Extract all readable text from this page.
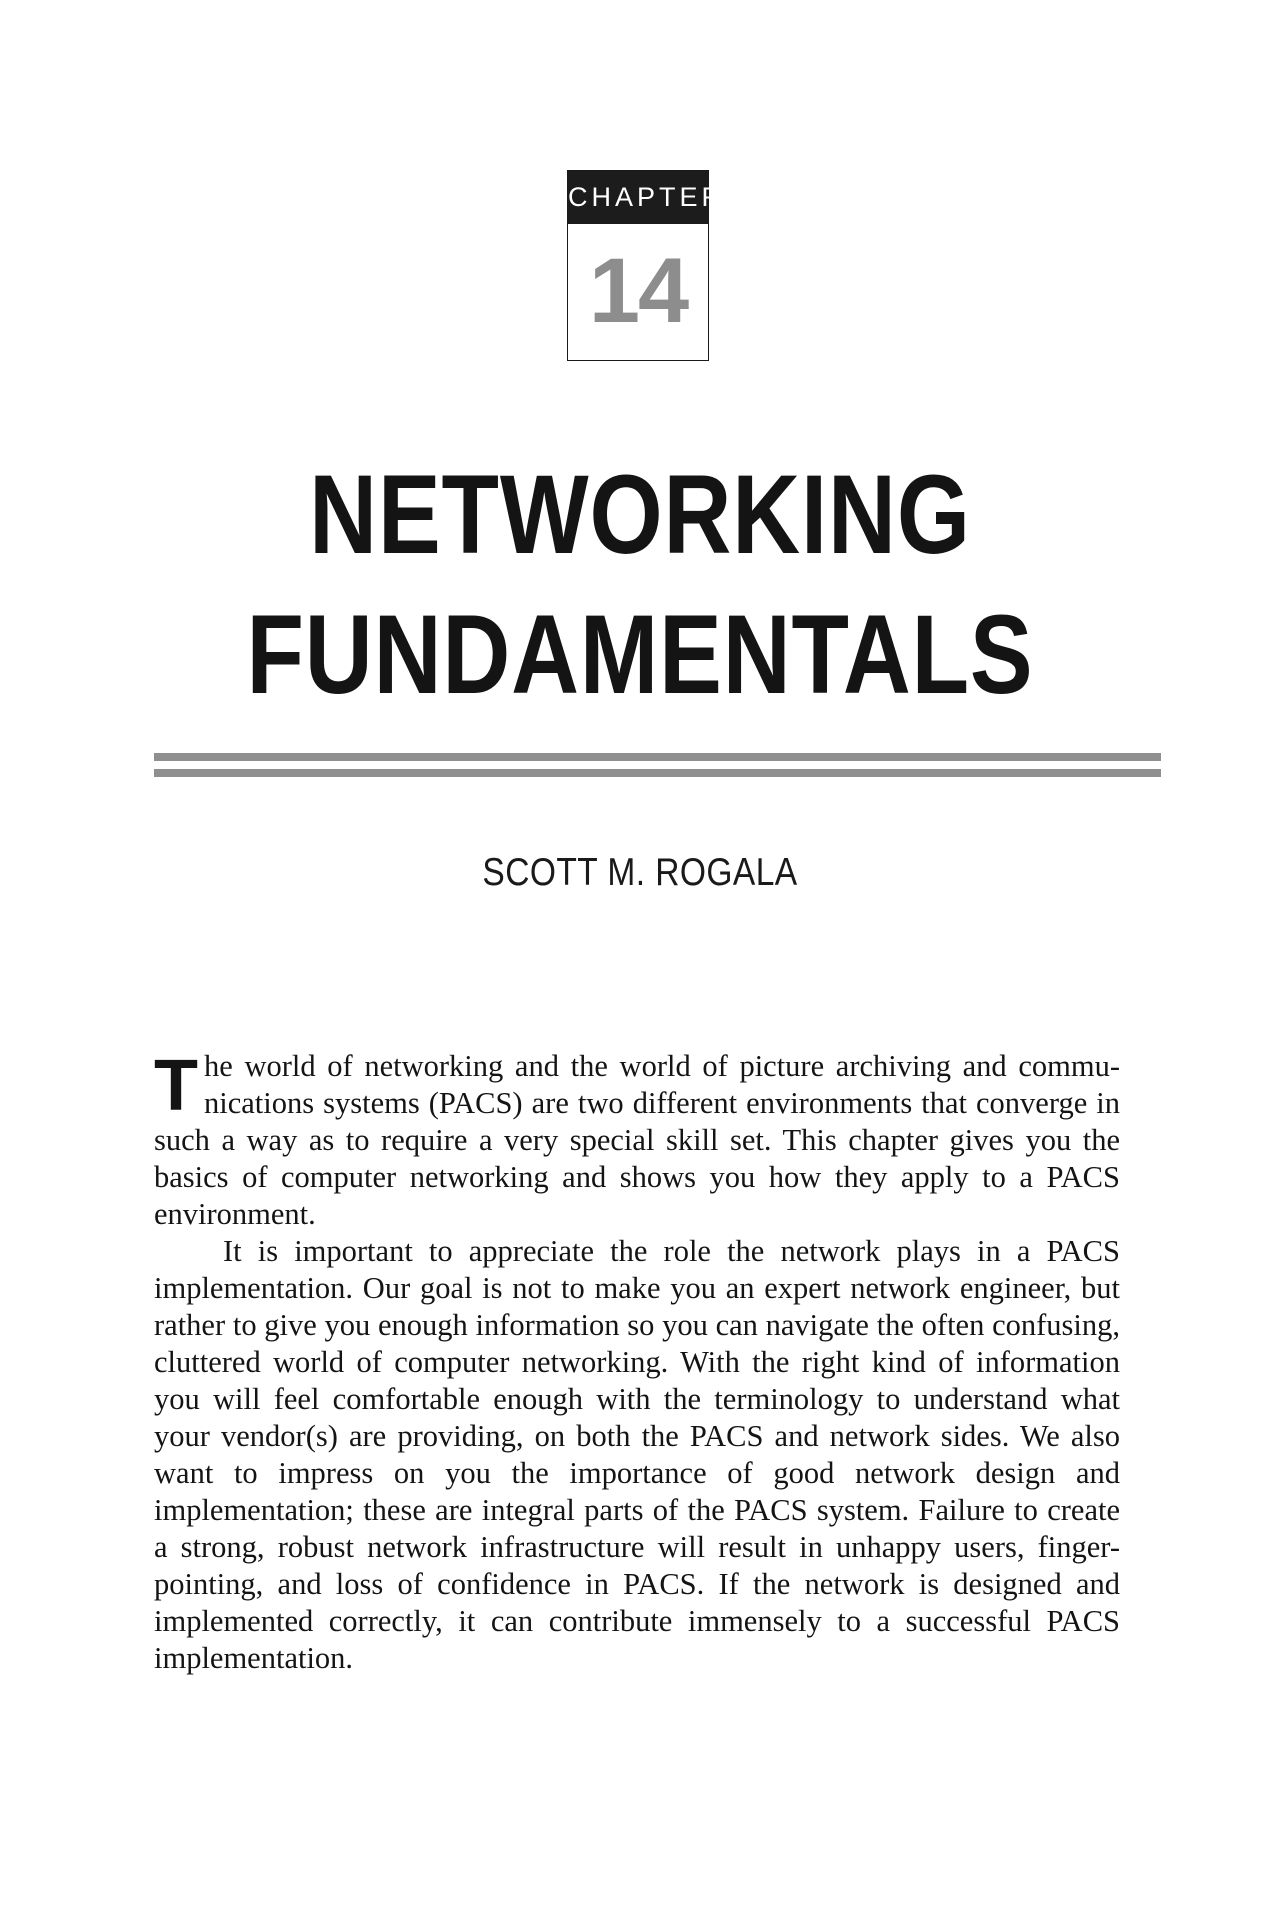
CHAPTER
14
NETWORKING
FUNDAMENTALS
SCOTT M. ROGALA

The world of networking and the world of picture archiving and communications systems (PACS) are two different environments that converge in such a way as to require a very special skill set. This chapter gives you the basics of computer networking and shows you how they apply to a PACS environment.

It is important to appreciate the role the network plays in a PACS implementation. Our goal is not to make you an expert network engineer, but rather to give you enough information so you can navigate the often confusing, cluttered world of computer networking. With the right kind of information you will feel comfortable enough with the terminology to understand what your vendor(s) are providing, on both the PACS and network sides. We also want to impress on you the importance of good network design and implementation; these are integral parts of the PACS system. Failure to create a strong, robust network infrastructure will result in unhappy users, finger-pointing, and loss of confidence in PACS. If the network is designed and implemented correctly, it can contribute immensely to a successful PACS implementation.
